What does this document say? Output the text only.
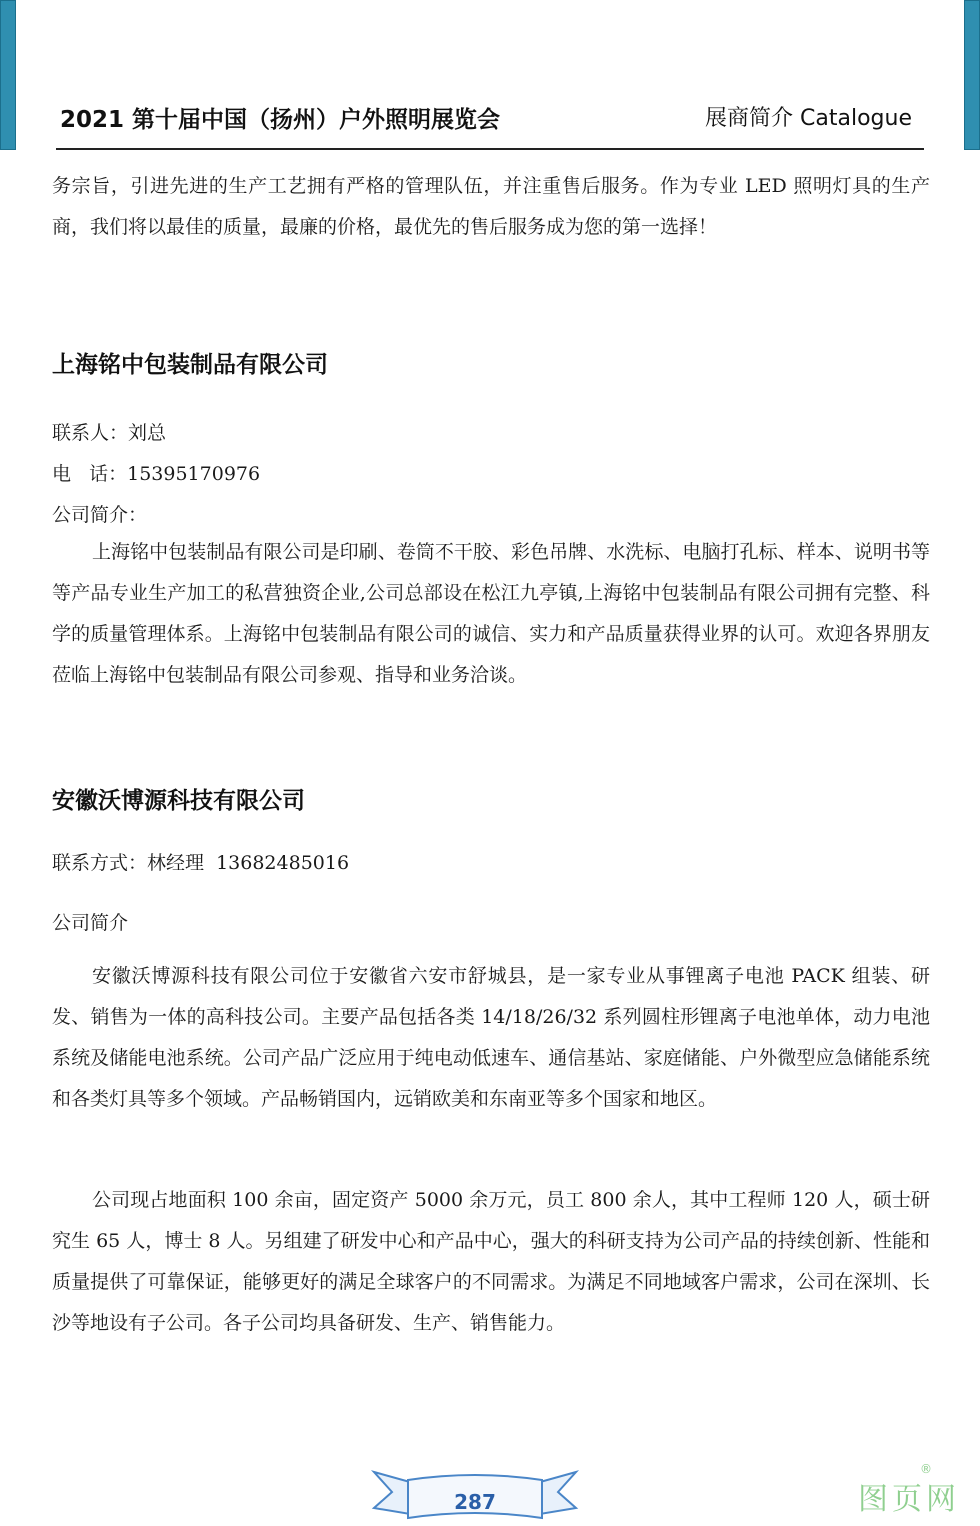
2021 第十届中国（扬州）户外照明展览会	展商简介 Catalogue

务宗旨，引进先进的生产工艺拥有严格的管理队伍，并注重售后服务。作为专业 LED 照明灯具的生产商，我们将以最佳的质量，最廉的价格，最优先的售后服务成为您的第一选择！

上海铭中包装制品有限公司

联系人：刘总

电   话：15395170976

公司简介：

上海铭中包装制品有限公司是印刷、卷筒不干胶、彩色吊牌、水洗标、电脑打孔标、样本、说明书等等产品专业生产加工的私营独资企业,公司总部设在松江九亭镇,上海铭中包装制品有限公司拥有完整、科学的质量管理体系。上海铭中包装制品有限公司的诚信、实力和产品质量获得业界的认可。欢迎各界朋友莅临上海铭中包装制品有限公司参观、指导和业务洽谈。

安徽沃博源科技有限公司

联系方式：林经理  13682485016

公司简介

安徽沃博源科技有限公司位于安徽省六安市舒城县，是一家专业从事锂离子电池 PACK 组装、研发、销售为一体的高科技公司。主要产品包括各类 14/18/26/32 系列圆柱形锂离子电池单体，动力电池系统及储能电池系统。公司产品广泛应用于纯电动低速车、通信基站、家庭储能、户外微型应急储能系统和各类灯具等多个领域。产品畅销国内，远销欧美和东南亚等多个国家和地区。

公司现占地面积 100 余亩，固定资产 5000 余万元，员工 800 余人，其中工程师 120 人，硕士研究生 65 人，博士 8 人。另组建了研发中心和产品中心，强大的科研支持为公司产品的持续创新、性能和质量提供了可靠保证，能够更好的满足全球客户的不同需求。为满足不同地域客户需求，公司在深圳、长沙等地设有子公司。各子公司均具备研发、生产、销售能力。

287	图页网
®
